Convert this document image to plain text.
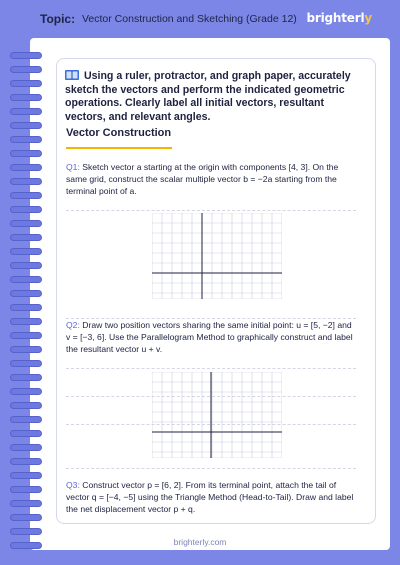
Topic: Vector Construction and Sketching (Grade 12) brighterly
Using a ruler, protractor, and graph paper, accurately sketch the vectors and perform the indicated geometric operations. Clearly label all initial vectors, resultant vectors, and relevant angles.
Vector Construction
Q1: Sketch vector a starting at the origin with components [4, 3]. On the same grid, construct the scalar multiple vector b = −2a starting from the terminal point of a.
Q2: Draw two position vectors sharing the same initial point: u = [5, −2] and v = [−3, 6]. Use the Parallelogram Method to graphically construct and label the resultant vector u + v.
Q3: Construct vector p = [6, 2]. From its terminal point, attach the tail of vector q = [−4, −5] using the Triangle Method (Head-to-Tail). Draw and label the net displacement vector p + q.
brighterly.com
